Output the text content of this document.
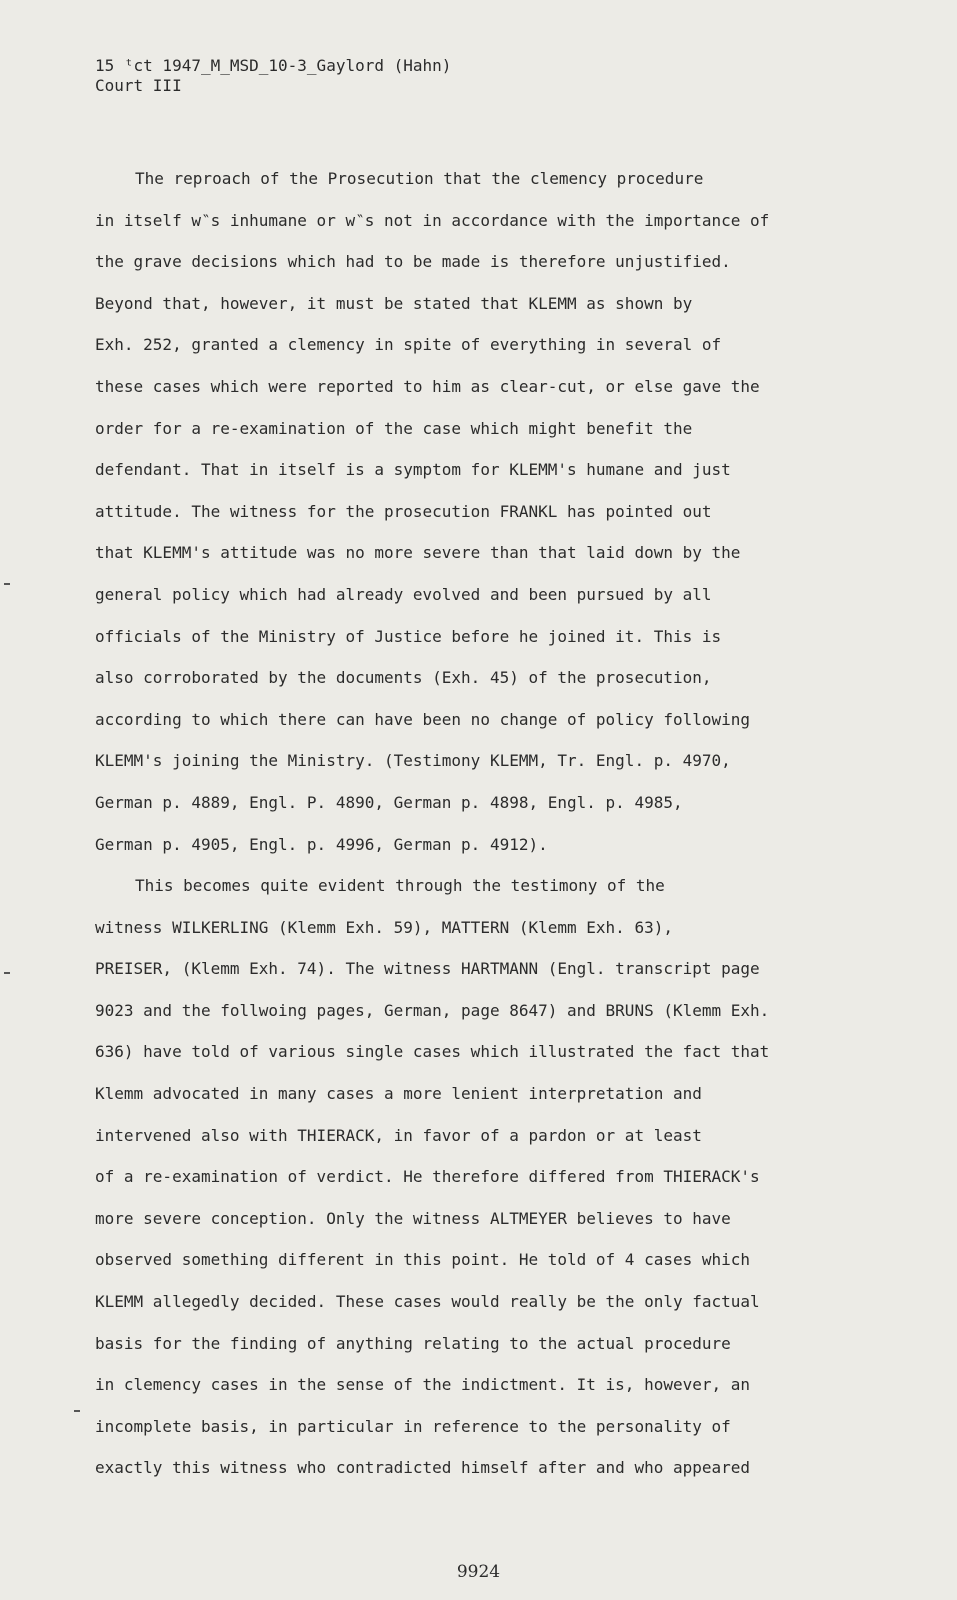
15 ᵗct 1947_M_MSD_10-3_Gaylord (Hahn)
Court III
The reproach of the Prosecution that the clemency procedure
in itself w‶s inhumane or w‶s not in accordance with the importance of
the grave decisions which had to be made is therefore unjustified.
Beyond that, however, it must be stated that KLEMM as shown by
Exh. 252, granted a clemency in spite of everything in several of
these cases which were reported to him as clear-cut, or else gave the
order for a re-examination of the case which might benefit the
defendant. That in itself is a symptom for KLEMM's humane and just
attitude. The witness for the prosecution FRANKL has pointed out
that KLEMM's attitude was no more severe than that laid down by the
general policy which had already evolved and been pursued by all
officials of the Ministry of Justice before he joined it. This is
also corroborated by the documents (Exh. 45) of the prosecution,
according to which there can have been no change of policy following
KLEMM's joining the Ministry. (Testimony KLEMM, Tr. Engl. p. 4970,
German p. 4889, Engl. P. 4890, German p. 4898, Engl. p. 4985,
German p. 4905, Engl. p. 4996, German p. 4912).
This becomes quite evident through the testimony of the
witness WILKERLING (Klemm Exh. 59), MATTERN (Klemm Exh. 63),
PREISER, (Klemm Exh. 74). The witness HARTMANN (Engl. transcript page
9023 and the follwoing pages, German, page 8647) and BRUNS (Klemm Exh.
636) have told of various single cases which illustrated the fact that
Klemm advocated in many cases a more lenient interpretation and
intervened also with THIERACK, in favor of a pardon or at least
of a re-examination of verdict. He therefore differed from THIERACK's
more severe conception. Only the witness ALTMEYER believes to have
observed something different in this point. He told of 4 cases which
KLEMM allegedly decided. These cases would really be the only factual
basis for the finding of anything relating to the actual procedure
in clemency cases in the sense of the indictment. It is, however, an
incomplete basis, in particular in reference to the personality of
exactly this witness who contradicted himself after and who appeared
9924
